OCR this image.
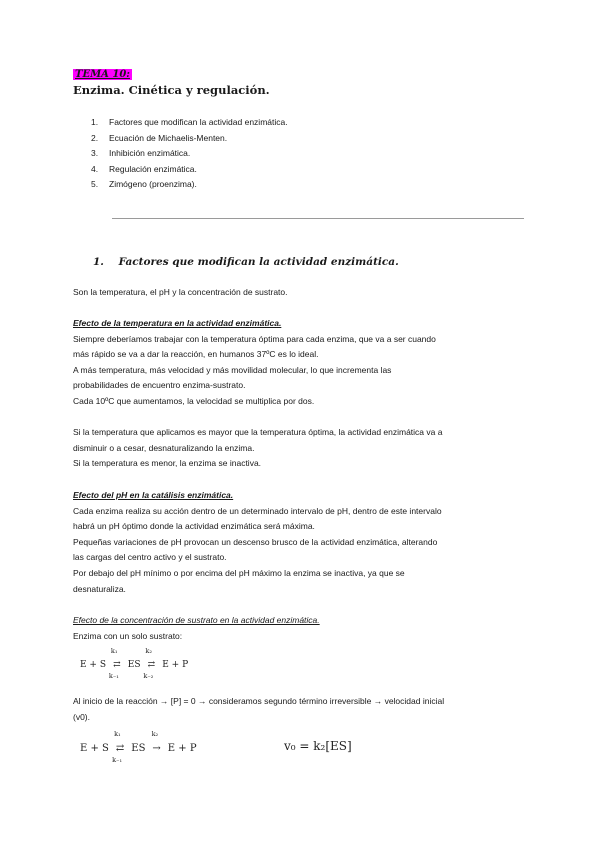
TEMA 10:
Enzima. Cinética y regulación.
1.	Factores que modifican la actividad enzimática.
2.	Ecuación de Michaelis-Menten.
3.	Inhibición enzimática.
4.	Regulación enzimática.
5.	Zimógeno (proenzima).
1.    Factores que modifican la actividad enzimática.
Son la temperatura, el pH y la concentración de sustrato.
Efecto de la temperatura en la actividad enzimática.
Siempre deberíamos trabajar con la temperatura óptima para cada enzima, que va a ser cuando
más rápido se va a dar la reacción, en humanos 37ºC es lo ideal.
A más temperatura, más velocidad y más movilidad molecular, lo que incrementa las
probabilidades de encuentro enzima-sustrato.
Cada 10ºC que aumentamos, la velocidad se multiplica por dos.
Si la temperatura que aplicamos es mayor que la temperatura óptima, la actividad enzimática va a
disminuir o a cesar, desnaturalizando la enzima.
Si la temperatura es menor, la enzima se inactiva.
Efecto del pH en la catálisis enzimática.
Cada enzima realiza su acción dentro de un determinado intervalo de pH, dentro de este intervalo
habrá un pH óptimo donde la actividad enzimática será máxima.
Pequeñas variaciones de pH provocan un descenso brusco de la actividad enzimática, alterando
las cargas del centro activo y el sustrato.
Por debajo del pH mínimo o por encima del pH máximo la enzima se inactiva, ya que se
desnaturaliza.
Efecto de la concentración de sustrato en la actividad enzimática.
Enzima con un solo sustrato:
E + S ⇄
k₁
k₋₁
ES ⇄
k₂
k₋₂
E + P
Al inicio de la reacción → [P] = 0 → consideramos segundo término irreversible → velocidad inicial
(v0).
E + S ⇄
k₁
k₋₁
ES →
k₂
E + P	v₀ = k₂[ES]
